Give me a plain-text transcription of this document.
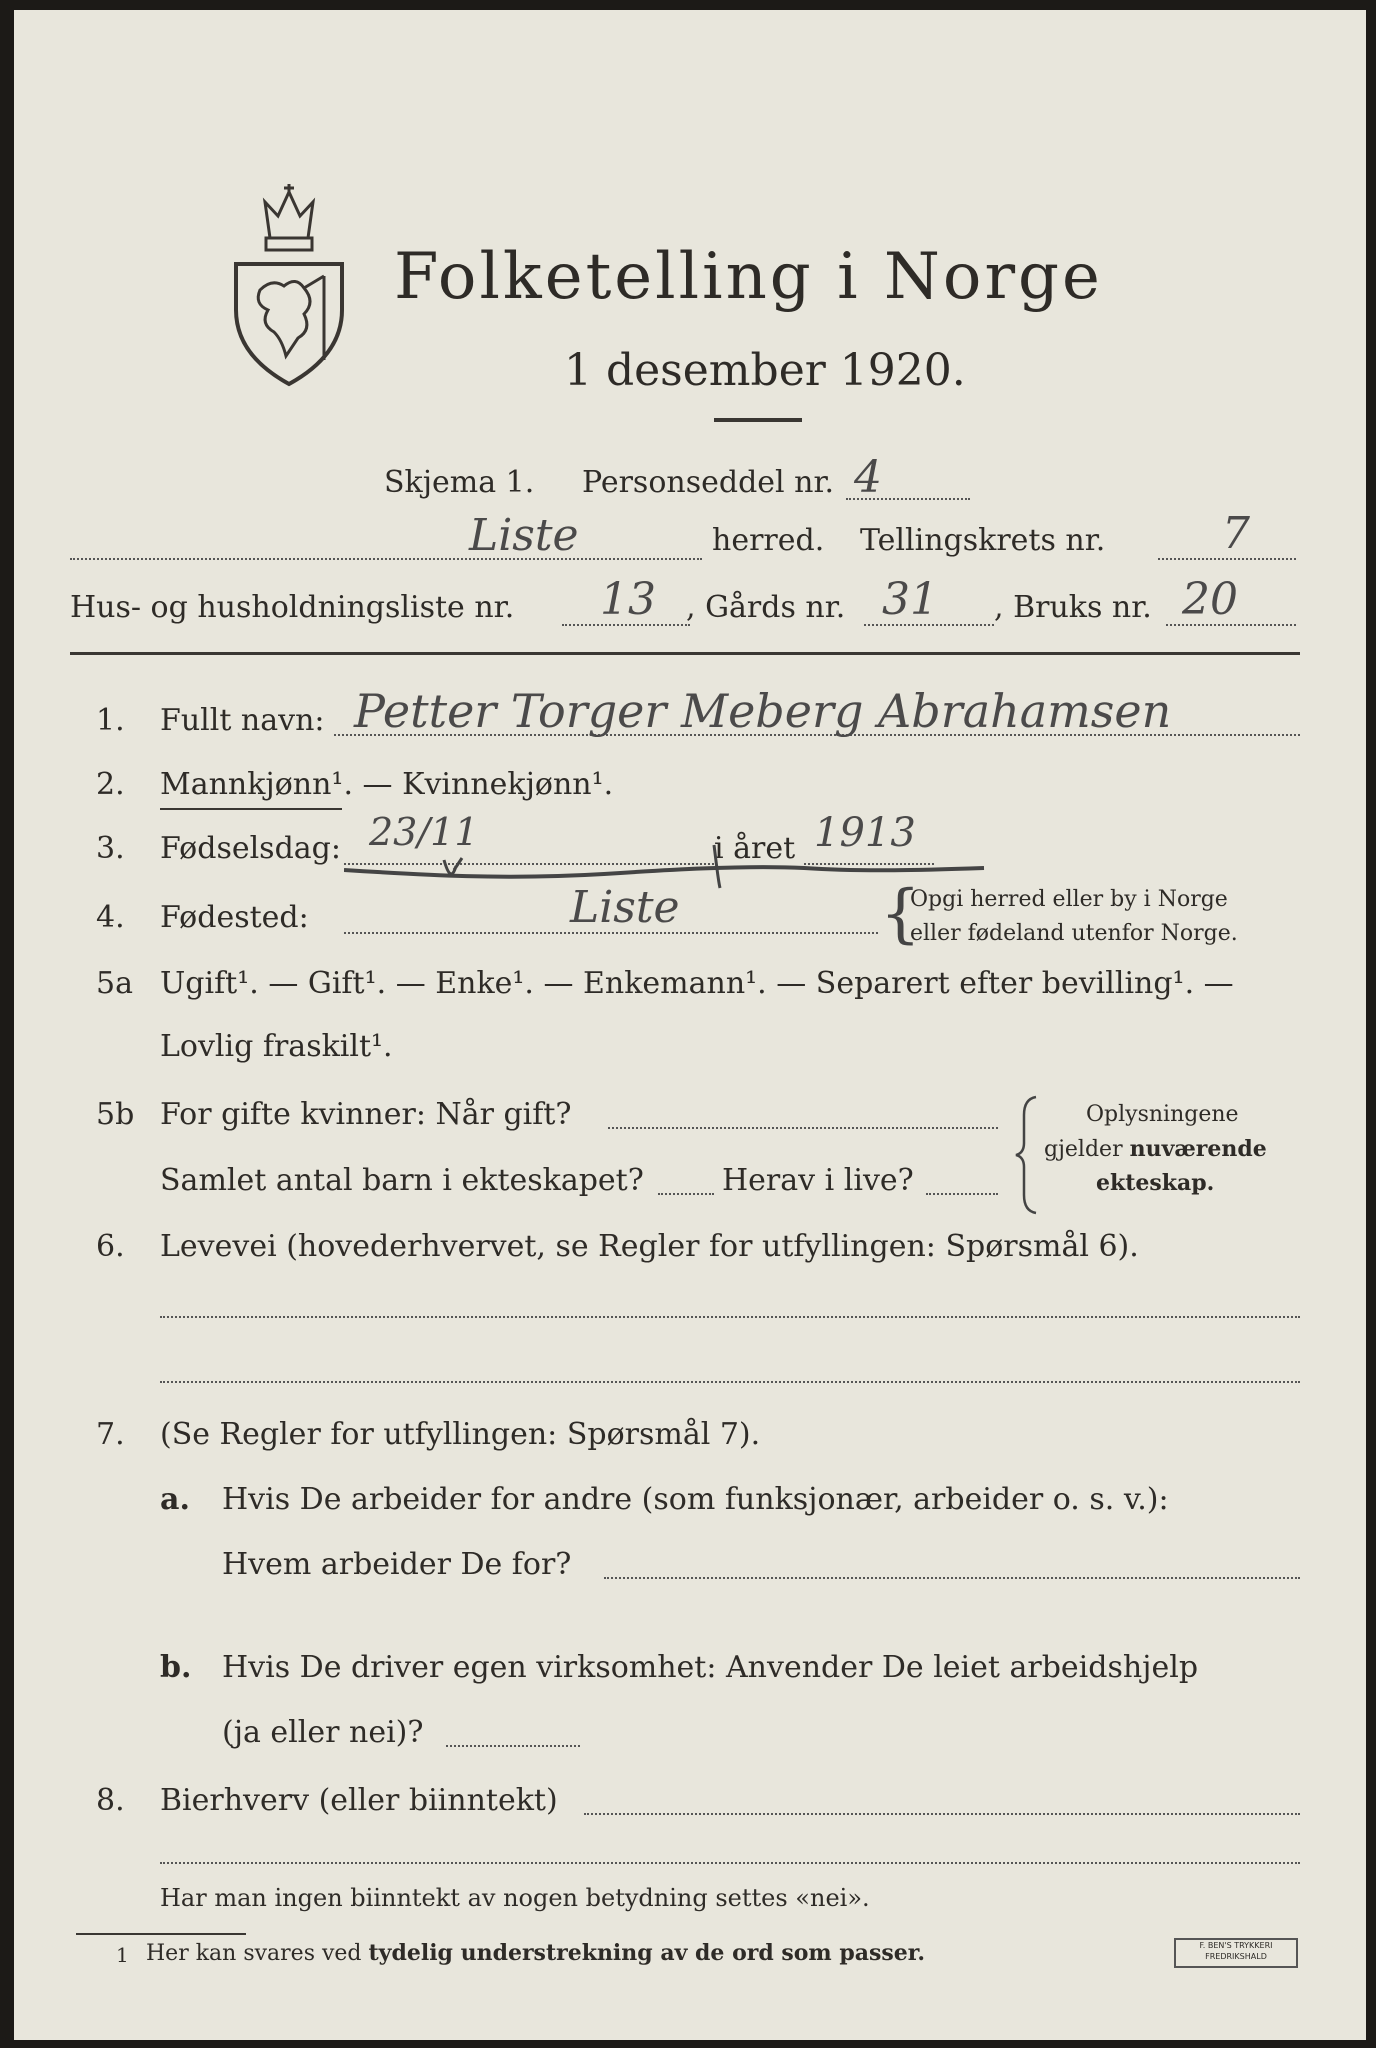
Folketelling i Norge
1 desember 1920.
Skjema 1. Personseddel nr. 4
Liste	herred. Tellingskrets nr.	7
Hus- og husholdningsliste nr. 13 , Gårds nr. 31 , Bruks nr. 20
1. Fullt navn: Petter Torger Meberg Abrahamsen
2. Mannkjønn¹. — Kvinnekjønn¹.
3. Fødselsdag: 23/11	i året 1913
4. Fødested:	Liste	{
Opgi herred eller by i Norge
eller fødeland utenfor Norge.
5a Ugift¹. — Gift¹. — Enke¹. — Enkemann¹. — Separert efter bevilling¹. —
Lovlig fraskilt¹.
5b For gifte kvinner: Når gift?
Samlet antal barn i ekteskapet?	Herav i live?
Oplysningene
gjelder nuværende
ekteskap.
6. Levevei (hovederhvervet, se Regler for utfyllingen: Spørsmål 6).
7. (Se Regler for utfyllingen: Spørsmål 7).
a. Hvis De arbeider for andre (som funksjonær, arbeider o. s. v.):
Hvem arbeider De for?
b. Hvis De driver egen virksomhet: Anvender De leiet arbeidshjelp
(ja eller nei)?
8. Bierhverv (eller biinntekt)
Har man ingen biinntekt av nogen betydning settes «nei».
1 Her kan svares ved tydelig understrekning av de ord som passer.	F. BEN'S TRYKKERI
FREDRIKSHALD
